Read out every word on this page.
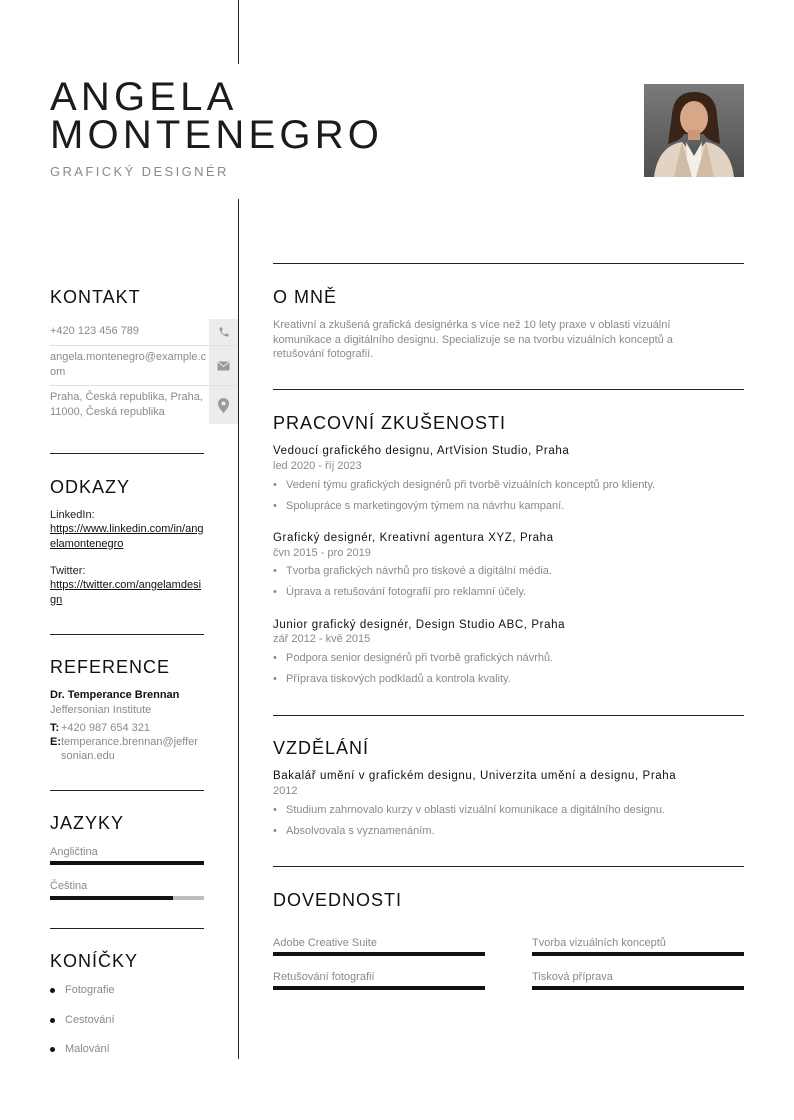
ANGELA
MONTENEGRO
GRAFICKÝ DESIGNÉR
KONTAKT
+420 123 456 789
angela.montenegro@example.com
Praha, Česká republika, Praha, 11000, Česká republika
ODKAZY
LinkedIn:
https://www.linkedin.com/in/angelamontenegro
Twitter:
https://twitter.com/angelamdesign
REFERENCE
Dr. Temperance Brennan
Jeffersonian Institute
T: +420 987 654 321
E: temperance.brennan@jeffersonian.edu
JAZYKY
Angličtina
Čeština
KONÍČKY
Fotografie
Cestování
Malování
O MNĚ
Kreativní a zkušená grafická designérka s více než 10 lety praxe v oblasti vizuální komunikace a digitálního designu. Specializuje se na tvorbu vizuálních konceptů a retušování fotografií.
PRACOVNÍ ZKUŠENOSTI
Vedoucí grafického designu, ArtVision Studio, Praha
led 2020 - říj 2023
• Vedení týmu grafických designérů při tvorbě vizuálních konceptů pro klienty.
• Spolupráce s marketingovým týmem na návrhu kampaní.
Grafický designér, Kreativní agentura XYZ, Praha
čvn 2015 - pro 2019
• Tvorba grafických návrhů pro tiskové a digitální média.
• Úprava a retušování fotografií pro reklamní účely.
Junior grafický designér, Design Studio ABC, Praha
zář 2012 - kvě 2015
• Podpora senior designérů při tvorbě grafických návrhů.
• Příprava tiskových podkladů a kontrola kvality.
VZDĚLÁNÍ
Bakalář umění v grafickém designu, Univerzita umění a designu, Praha
2012
• Studium zahrnovalo kurzy v oblasti vizuální komunikace a digitálního designu.
• Absolvovala s vyznamenáním.
DOVEDNOSTI
Adobe Creative Suite	Tvorba vizuálních konceptů
Retušování fotografií	Tisková příprava
